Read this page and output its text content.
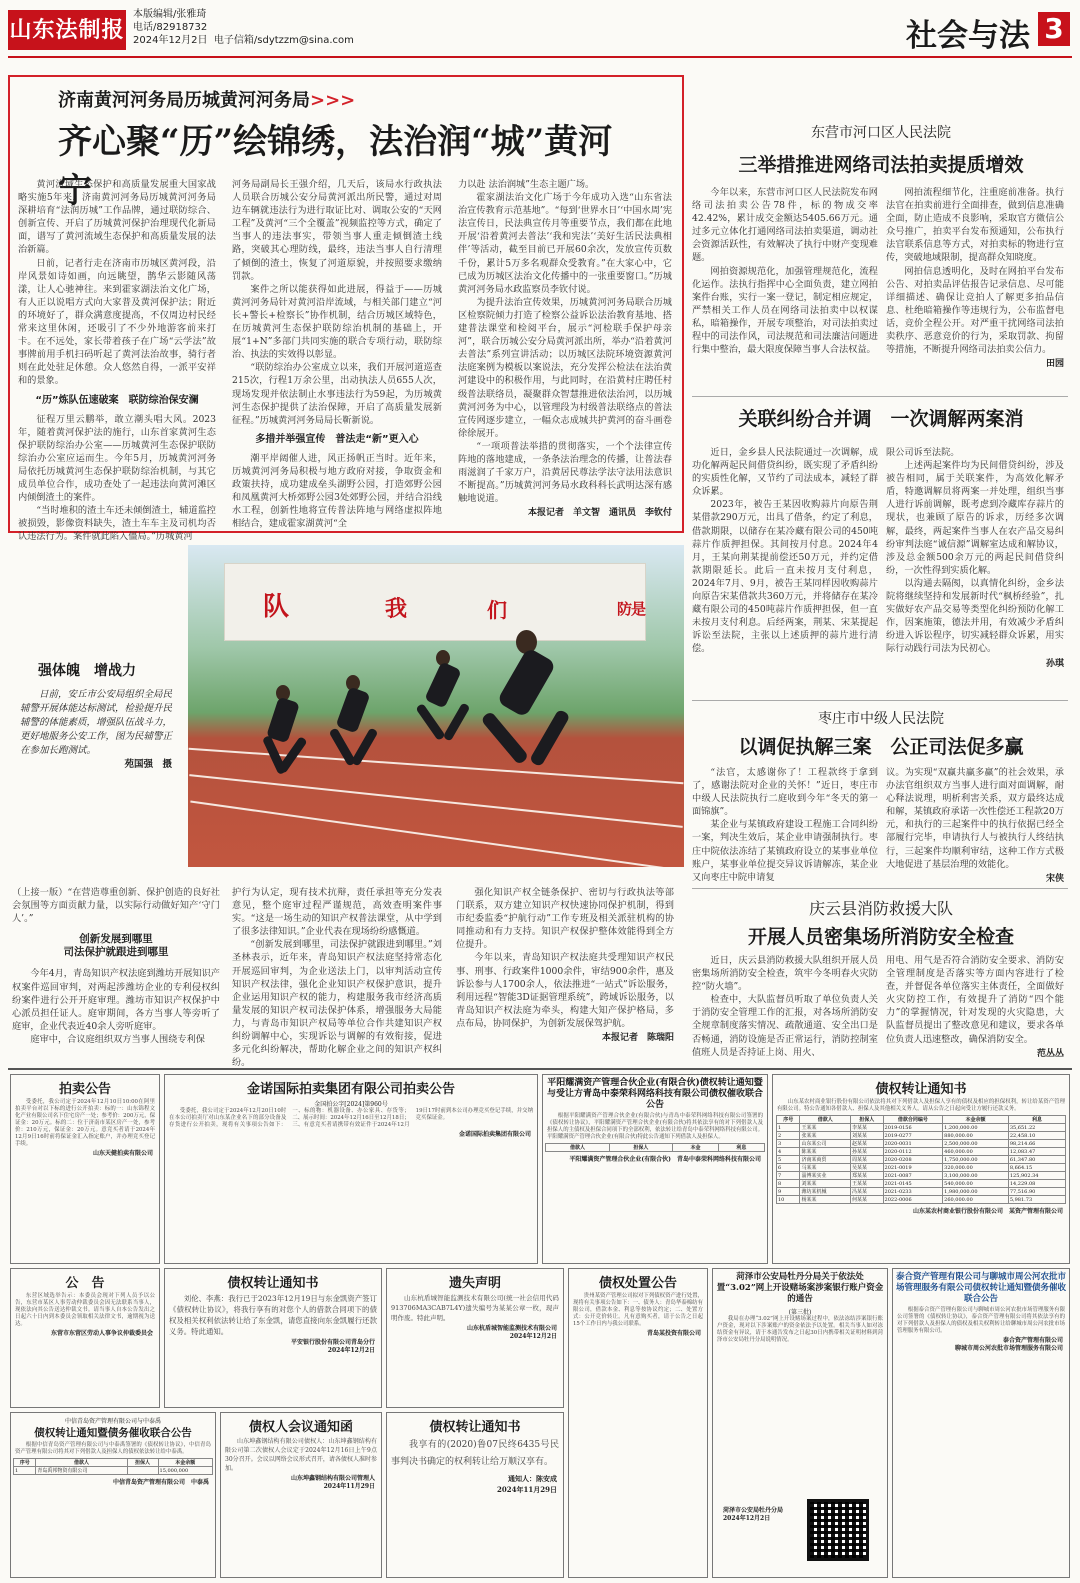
山东法制报
本版编辑/张雅琦
电话/82918732
2024年12月2日 电子信箱/sdytzzm@sina.com	社会与法 3
济南黄河河务局历城黄河河务局>>>
齐心聚“历”绘锦绣，法治润“城”黄河宁

黄河流域生态保护和高质量发展重大国家战略实施5年来，济南黄河河务局历城黄河河务局深耕培育“法润历城”工作品牌，通过联防综合、创新宣传、开启了历城黄河保护治理现代化新局面，谱写了黄河流域生态保护和高质量发展的法治新篇。

日前，记者行走在济南市历城区黄河段，沿岸风景如诗如画，向远眺望，鹊华云影随风荡漾，让人心驰神往。来到霍家湖法治文化广场，有人正以说唱方式向大家普及黄河保护法；附近的环境好了，群众满意度提高，不仅周边村民经常来这里休闲，还吸引了不少外地游客前来打卡。在不远处，家长带着孩子在广场“云学法”故事牌前用手机扫码听起了黄河法治故事，骑行者则在此处驻足休憩。众人悠然自得，一派平安祥和的景象。

“历”炼队伍速破案　联防综治保安澜

征程万里云鹏举，敢立潮头唱大风。2023年，随着黄河保护法的施行，山东首家黄河生态保护联防综治办公室——历城黄河生态保护联防综治办公室应运而生。今年5月，历城黄河河务局依托历城黄河生态保护联防综治机制，与其它成员单位合作，成功查处了一起违法向黄河滩区内倾倒渣土的案件。

“当时堆积的渣土车还未倾倒渣土，辅道监控被损毁，影像资料缺失，渣土车车主及司机均否认违法行为。案件就此陷入僵局。”历城黄河

河务局副局长王强介绍，几天后，该局水行政执法人员联合历城公安分局黄河派出所民警，通过对周边车辆就违法行为进行取证比对、调取公安的“天网工程”及黄河“三个全覆盖”视频监控等方式，确定了当事人的违法事实，带领当事人重走倾倒渣土线路，突破其心理防线，最终，违法当事人自行清理了倾倒的渣土，恢复了河道原貌，并按照要求缴纳罚款。

案件之所以能获得如此进展，得益于——历城黄河河务局针对黄河沿岸流域，与相关部门建立“河长+警长+检察长”协作机制，结合历城区域特色，在历城黄河生态保护联防综治机制的基础上，开展“1+N”多部门共同实施的联合专项行动，联防综治、执法的实效得以彰显。

“联防综治办公室成立以来，我们开展河道巡查215次，行程1万余公里，出动执法人员655人次，现场发现并依法制止水事违法行为59起，为历城黄河生态保护提供了法治保障，开启了高质量发展新征程。”历城黄河河务局局长靳新说。

多措并举强宣传　普法走“新”更入心

潮平岸阔催人进，风正扬帆正当时。近年来，历城黄河河务局积极与地方政府对接，争取资金和政策扶持，成功建成垒头湖野公园，打造郊野公园和凤凰黄河大桥郊野公园3处郊野公园，并结合沿线水工程，创新性地将宣传普法阵地与网络虚拟阵地相结合，建成霍家湖黄河“全

力以赴 法治润城”生态主题广场。

霍家湖法治文化广场于今年成功入选“山东省法治宣传教育示范基地”。“每到‘世界水日’‘中国水周’宪法宣传日，民法典宣传月等重要节点，我们都在此地开展‘沿着黄河去普法’‘我和宪法’‘美好生活民法典相伴’等活动，截至目前已开展60余次，发放宣传页数千份，累计5万多名观群众受教育。”在大家心中，它已成为历城区法治文化传播中的一张重要窗口。”历城黄河河务局水政监察员李钦付说。

为提升法治宣传效果，历城黄河河务局联合历城区检察院倾力打造了检察公益诉讼法治教育基地、搭建普法课堂和检阅平台，展示“河检联手保护母亲河”，联合历城公安分局黄河派出所，举办“沿着黄河去普法”系列宣讲活动；以历城区法院环境资源黄河法庭案例为模板以案说法，充分发挥公检法在法治黄河建设中的积极作用，与此同时，在沿黄村庄聘任村级普法联络员，凝聚群众智慧推进依法治河，以历城黄河河务为中心，以管理段为村级普法联络点的普法宣传网逐步建立，一幅众志成城共护黄河的奋斗画卷徐徐展开。

“一项项普法举措的贯彻落实，一个个法律宣传阵地的落地建成，一条条法治理念的传播，让普法春雨滋润了千家万户，沿黄居民尊法学法守法用法意识不断提高。”历城黄河河务局水政科科长武明达深有感触地说道。

本报记者　羊文智　通讯员　李钦付
队	我	们	防
是
强体魄　增战力
日前，安丘市公安局组织全局民辅警开展体能达标测试，检验提升民辅警的体能素质，增强队伍战斗力，更好地服务公安工作，图为民辅警正在参加长跑测试。
苑国强　摄
东营市河口区人民法院
三举措推进网络司法拍卖提质增效

今年以来，东营市河口区人民法院发布网络司法拍卖公告78件，标的物成交率42.42%，累计成交金额达5405.66万元。通过多元立体化打通网络司法拍卖渠道，调动社会资源活跃性，有效解决了执行中财产变现难题。

网拍资源规范化，加强管理规范化，流程化运作。法执行指挥中心全面负责，建立网拍案件台账，实行一案一登记，制定相应规定，严禁相关工作人员在网络司法拍卖中以权谋私，暗箱操作，开展专项整治，对司法拍卖过程中的司法作风，司法规范和司法廉洁问题进行集中整治，最大限度保障当事人合法权益。

网拍流程细节化，注重庭前准备。执行法官在拍卖前进行全面排查，做到信息准确全面，防止造成不良影响，采取官方微信公众号推广，拍卖平台发布预通知，公布执行法官联系信息等方式，对拍卖标的物进行宣传，突破地域限制，提高群众知晓度。

网拍信息透明化，及时在网拍平台发布公告、对拍卖品评估报告记录信息、尽可能详细描述、确保让竞拍人了解更多拍品信息、杜绝暗箱操作等违规行为，公布监督电话，竞价全程公开。对严重干扰网络司法拍卖秩序、恶意竞价的行为，采取罚款、拘留等措施，不断提升网络司法拍卖公信力。

田园
关联纠纷合并调　一次调解两案消

近日，金乡县人民法院通过一次调解，成功化解两起民间借贷纠纷，既实现了矛盾纠纷的实质性化解，又节约了司法成本，减轻了群众诉累。

2023年，被告王某因收购蒜片向原告荆某借款290万元，出具了借条，约定了利息，借款期限，以储存在某冷藏有限公司的450吨蒜片作质押担保。其间按月付息。2024年4月，王某向荆某提前偿还50万元，并约定借款期限延长。此后一直未按月支付利息，2024年7月、9月，被告王某同样因收购蒜片向原告宋某借款共360万元，并将储存在某冷藏有限公司的450吨蒜片作质押担保，但一直未按月支付利息。后经两案，荆某、宋某提起诉讼至法院，主张以上述质押的蒜片进行清偿。

限公司诉至法院。

上述两起案件均为民间借贷纠纷，涉及被告相同，属于关联案件，为高效化解矛盾，特邀调解员将两案一并处理，组织当事人进行诉前调解，既考虑到冷藏库存蒜片的现状，也兼顾了原告的诉求，历经多次调解，最终，两起案件当事人在农产品交易纠纷审判法庭“诚信源”调解室达成和解协议，涉及总金额500余万元的两起民间借贷纠纷，一次性得到实质化解。

以沟通去隔阂，以真情化纠纷，金乡法院将继续坚持和发展新时代“枫桥经验”，扎实做好农产品交易等类型化纠纷预防化解工作，因案施策，德法并用，有效减少矛盾纠纷进入诉讼程序，切实减轻群众诉累，用实际行动践行司法为民初心。

孙琪
枣庄市中级人民法院
以调促执解三案　公正司法促多赢

“法官，太感谢你了！工程款终于拿到了，感谢法院对企业的关怀！”近日，枣庄市中级人民法院执行二庭收到今年“冬天的第一面锦旗”。

某企业与某镇政府建设工程施工合同纠纷一案，判决生效后，某企业申请强制执行。枣庄中院依法冻结了某镇政府设立的某事业单位账户，某事业单位提交异议诉请解冻，某企业又向枣庄中院申请复

议。为实现“双赢共赢多赢”的社会效果，承办法官组织双方当事人进行面对面调解，耐心释法说理，明析利害关系，双方最终达成和解，某镇政府承诺一次性偿还工程款20万元，和执行的三起案件中的执行依据已经全部履行完毕，申请执行人与被执行人终结执行，三起案件均顺利审结，这种工作方式极大地促进了基层治理的效能化。

宋侠
庆云县消防救援大队
开展人员密集场所消防安全检查

近日，庆云县消防救援大队组织开展人员密集场所消防安全检查，筑牢今冬明春火灾防控“防火墙”。

检查中，大队监督员听取了单位负责人关于消防安全管理工作的汇报，对各场所消防安全规章制度落实情况、疏散通道、安全出口是否畅通，消防设施是否正常运行，消防控制室值班人员是否持证上岗、用火、

用电、用气是否符合消防安全要求、消防安全管理制度是否落实等方面内容进行了检查，并督促各单位落实主体责任，全面做好火灾防控工作，有效提升了消防“四个能力”的掌握情况，针对发现的火灾隐患，大队监督员提出了整改意见和建议，要求各单位负责人迅速整改，确保消防安全。

范丛丛

（上接一版）“在营造尊重创新、保护创造的良好社会氛围等方面贡献力量，以实际行动做好知产‘守门人’。”

创新发展到哪里
司法保护就跟进到哪里

今年4月，青岛知识产权法庭到潍坊开展知识产权案件巡回审判，对两起涉潍坊企业的专利侵权纠纷案件进行公开开庭审理。潍坊市知识产权保护中心派员担任证人。庭审期间，各方当事人等旁听了庭审，企业代表近40余人旁听庭审。

庭审中，合议庭组织双方当事人围绕专利保

护行为认定，现有技术抗辩，责任承担等充分发表意见，整个庭审过程严谨规范，高效查明案件事实。“这是一场生动的知识产权普法课堂，从中学到了很多法律知识。”企业代表在现场纷纷感慨道。

“创新发展到哪里，司法保护就跟进到哪里。”刘圣林表示，近年来，青岛知识产权法庭坚持常态化开展巡回审判，为企业送法上门，以审判活动宣传知识产权法律，强化企业知识产权保护意识，提升企业运用知识产权的能力，构建服务我市经济高质量发展的知识产权司法保护体系，增强服务大局能力，与青岛市知识产权局等单位合作共建知识产权纠纷调解中心，实现诉讼与调解的有效衔接，促进多元化纠纷解决，帮助化解企业之间的知识产权纠纷。

强化知识产权全链条保护、密切与行政执法等部门联系，双方建立知识产权快速协同保护机制，得到市纪委监委“护航行动”工作专班及相关派驻机构的协同推动和有力支持。知识产权保护整体效能得到全方位提升。

今年以来，青岛知识产权法庭共受理知识产权民事、刑事、行政案件1000余件，审结900余件，惠及诉讼参与人1700余人，依法推进“一站式”诉讼服务，利用远程“智能3D证据管理系统”，跨域诉讼服务，以青岛知识产权法庭为牵头，构建大知产保护格局，多点布局，协同保护，为创新发展保驾护航。

本报记者　陈瑞阳
拍卖公告

受委托，我公司定于2024年12月10日10:00在阿里拍卖平台对以下标的进行公开拍卖：标的一：山东锦程文化产业有限公司名下住宅房产一处；参考价：200万元，保证金：20万元。标的二：位于济南市某区房产一处，参考价：210万元，保证金：20万元。意竞买者请于2024年12月9日16时前将保证金汇入指定账户，并办理竞买登记手续。

山东天健拍卖有限公司
金诺国际拍卖集团有限公司拍卖公告
金国拍公字[2024]第960号

受委托，我公司定于2024年12月20日10时在本公司拍卖厅对山东某企业名下的部分设备及存货进行公开拍卖，现将有关事项公告如下：一、标的物：机器设备、办公家具、存货等；二、展示时间：2024年12月16日至12月18日；三、有意竞买者请携带有效证件于2024年12月19日17时前到本公司办理竞买登记手续，并交纳竞买保证金。

金诺国际拍卖集团有限公司
平阳耀满资产管理合伙企业(有限合伙)债权转让通知暨与受让方青岛中泰荣科网络科技有限公司债权催收联合公告

根据平阳耀满资产管理合伙企业(有限合伙)与青岛中泰荣科网络科技有限公司签署的《债权转让协议》，平阳耀满资产管理合伙企业(有限合伙)将其依法享有的对下列借款人及担保人的主债权及担保合同项下的全部权利，依法转让给青岛中泰荣科网络科技有限公司。平阳耀满资产管理合伙企业(有限合伙)特此公告通知下列借款人及担保人。

借款人	担保人	本金	利息
平阳耀满资产管理合伙企业(有限合伙)　青岛中泰荣科网络科技有限公司
债权转让通知书

山东某农村商业银行股份有限公司依法将其对下列借款人及担保人享有的债权及相应的担保权利，转让给某资产管理有限公司。特公告通知各借款人、担保人及其他相关义务人，请从公告之日起向受让方履行还款义务。

序号	借款人	担保人	借款合同编号	本金余额	利息
1	王某某	李某某	2019-0156	1,200,000.00	35,651.22
2	张某某	刘某某	2019-0277	880,000.00	22,458.10
3	山东某公司	赵某某	2020-0031	2,500,000.00	98,214.66
4	陈某某	孙某某	2020-0112	460,000.00	12,083.47
5	济南某商贸	周某某	2020-0208	1,750,000.00	61,347.80
6	马某某	吴某某	2021-0019	320,000.00	8,664.15
7	淄博某实业	郑某某	2021-0087	3,100,000.00	125,902.34
8	刘某某	王某某	2021-0145	540,000.00	14,229.08
9	潍坊某机械	冯某某	2021-0233	1,980,000.00	77,516.90
10	杨某某	何某某	2022-0006	260,000.00	5,981.73
山东某农村商业银行股份有限公司　某资产管理有限公司
公　告

东营区域选举告示：本委员会现对下列人员予以公告，东营市某区人事劳动仲裁委员会因无法联系当事人，现依法向其公告送达仲裁文书。请当事人自本公告发出之日起六十日内到本委员会领取相关法律文书，逾期视为送达。

东营市东营区劳动人事争议仲裁委员会
债权转让通知书

刘伦、李燕：我行已于2023年12月19日与东金凯资产签订《债权转让协议》，将我行享有的对您个人的借款合同项下的债权及相关权利依法转让给了东金凯，请您直接向东金凯履行还款义务。特此通知。

平安银行股份有限公司青岛分行
2024年12月2日
遗失声明

山东杭盾城智能监测技术有限公司(统一社会信用代码913706MA3CAB7L4Y)遗失编号为某某公章一枚，现声明作废。特此声明。

山东杭盾城智能监测技术有限公司
2024年12月2日
债权处置公告

贵州某资产管理公司拟对下列债权资产进行处置，现将有关事项公告如下：一、债务人：青岛华泰棉纺有限公司，借款本金、利息等按协议约定；二、处置方式：公开竞价转让。凡有意购买者，请于公告之日起15个工作日内与我公司联系。

青岛某投资有限公司
菏泽市公安局牡丹分局关于依法处置“3.02”网上开设赌场案涉案银行账户资金的通告
(第三批)

我局在办理“3.02”网上开设赌场案过程中，依法冻结涉案银行账户资金，现对以下涉案账户的资金依法予以处置。相关当事人如对冻结资金有异议，请于本通告发布之日起30日内携带相关证明材料到菏泽市公安局牡丹分局说明情况。

菏泽市公安局牡丹分局
2024年12月2日
泰合资产管理有限公司与聊城市周公河农批市场管理服务有限公司债权转让通知暨债务催收联合公告

根据泰合资产管理有限公司与聊城市周公河农批市场管理服务有限公司签署的《债权转让协议》，泰合资产管理有限公司将其依法享有的对下列借款人及担保人的债权及相关权利转让给聊城市周公河农批市场管理服务有限公司。

泰合资产管理有限公司
聊城市周公河农批市场管理服务有限公司
中信青岛资产管理有限公司与中泰禹
债权转让通知暨债务催收联合公告

根据中信青岛资产管理有限公司与中泰禹签署的《债权转让协议》，中信青岛资产管理有限公司将其对下列借款人及担保人的债权依法转让给中泰禹。

序号	借款人	担保人	本金余额
1	青岛禹邦物资有限公司		15,000,000
中信青岛资产管理有限公司　中泰禹
债权人会议通知函

山东坤鑫钢结构有限公司债权人：山东坤鑫钢结构有限公司第二次债权人会议定于2024年12月16日上午9点30分召开。会议以网络会议形式召开，请各债权人准时参加。

山东坤鑫钢结构有限公司管理人
2024年11月29日
债权转让通知书

我享有的(2020)鲁07民终6435号民事判决书确定的权利转让给万顺汉享有。

通知人：陈安成
2024年11月29日
